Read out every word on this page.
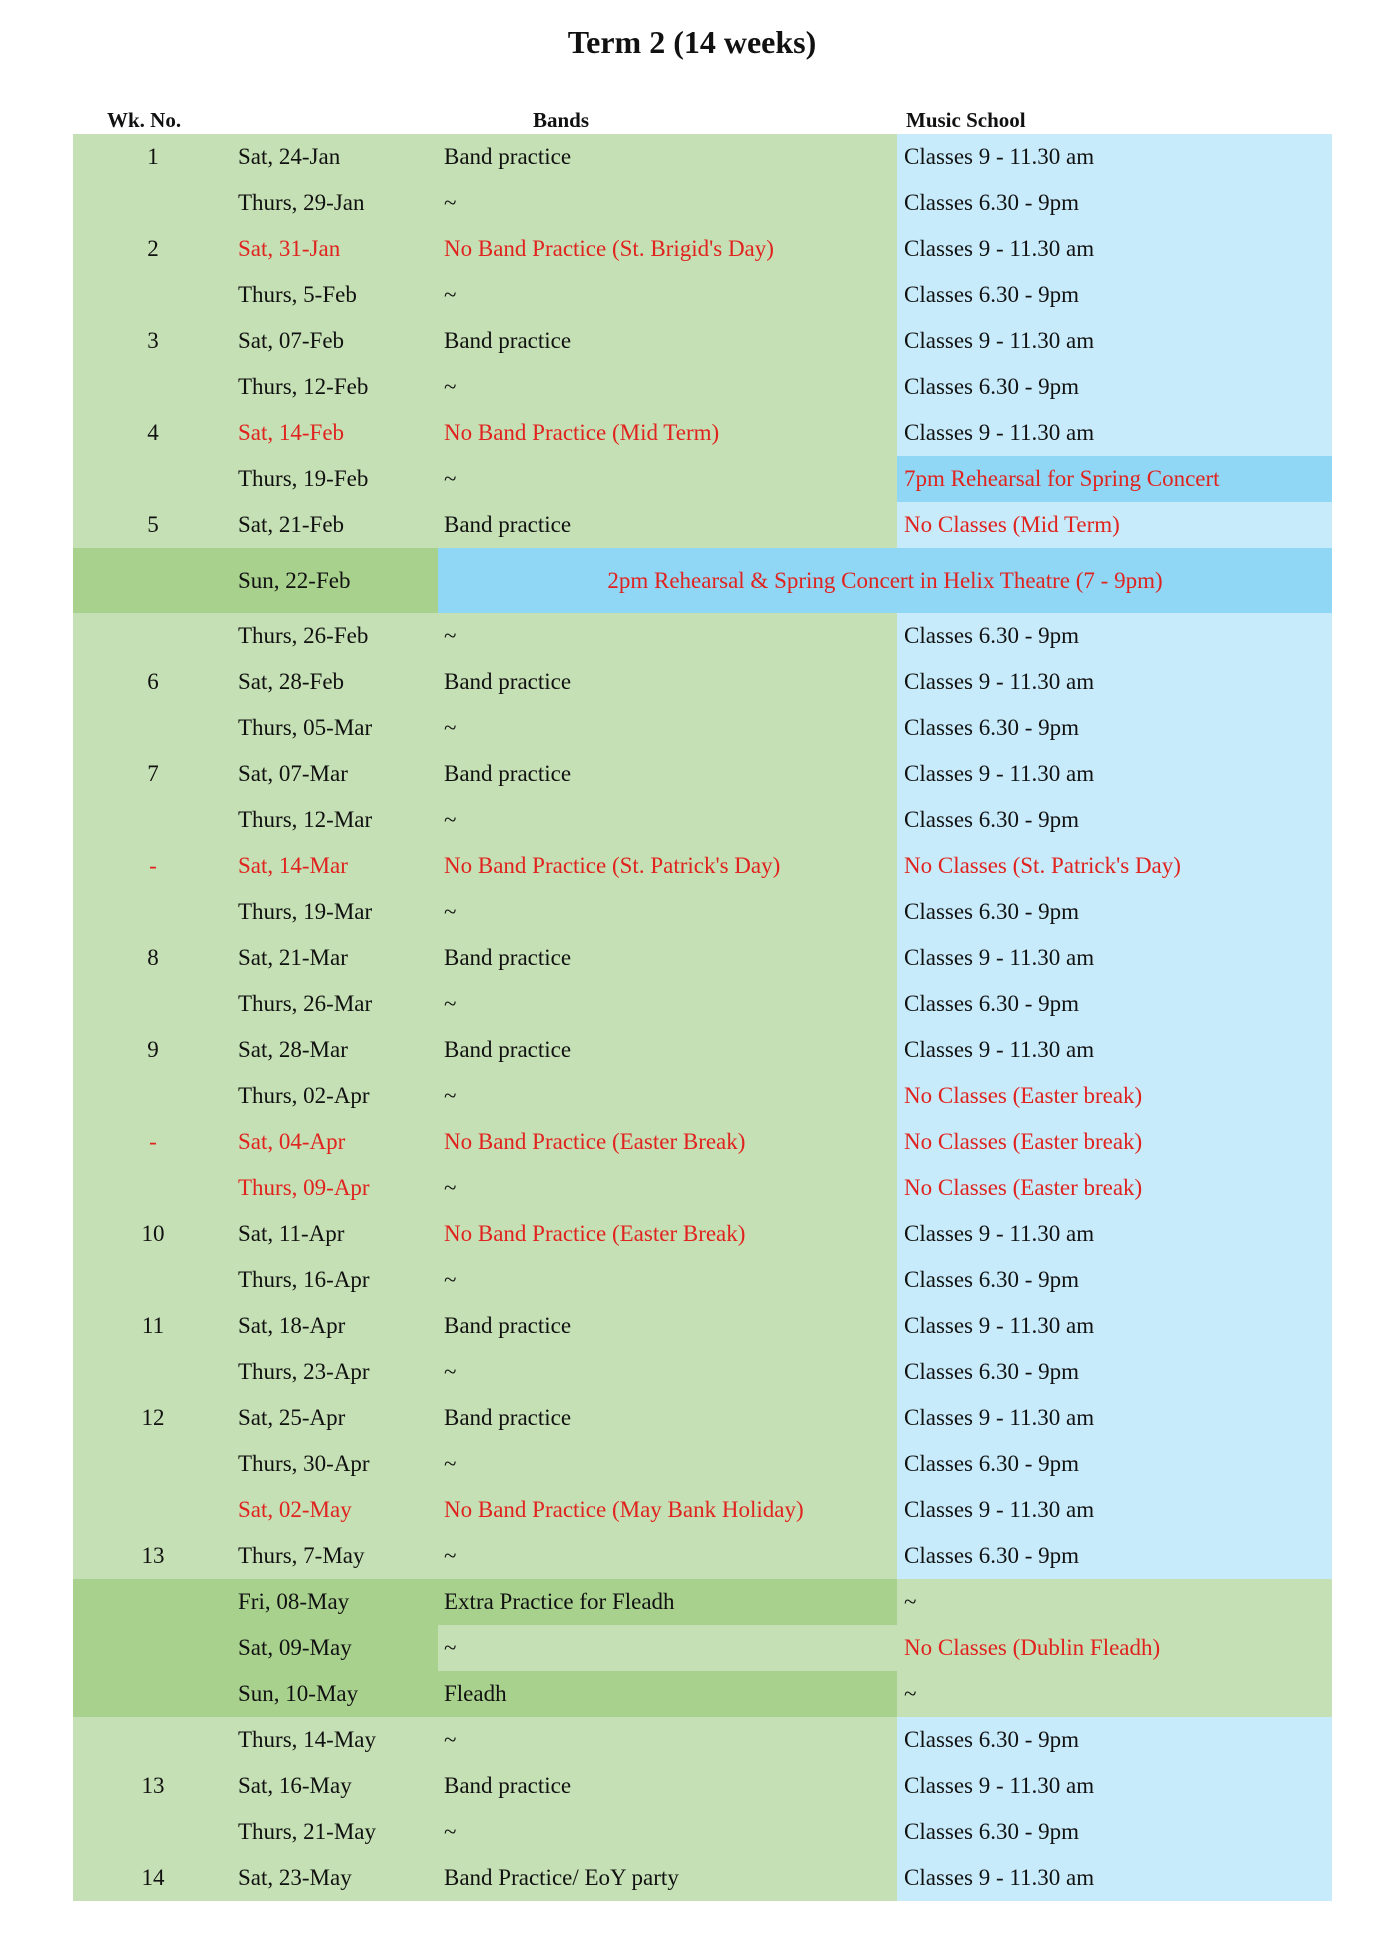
Term 2 (14 weeks)
Wk. No.	Bands	Music School
1	Sat, 24-Jan	Band practice	Classes 9 - 11.30 am
Thurs, 29-Jan	~	Classes 6.30 - 9pm
2	Sat, 31-Jan	No Band Practice (St. Brigid's Day)	Classes 9 - 11.30 am
Thurs, 5-Feb	~	Classes 6.30 - 9pm
3	Sat, 07-Feb	Band practice	Classes 9 - 11.30 am
Thurs, 12-Feb	~	Classes 6.30 - 9pm
4	Sat, 14-Feb	No Band Practice (Mid Term)	Classes 9 - 11.30 am
Thurs, 19-Feb	~	7pm Rehearsal for Spring Concert
5	Sat, 21-Feb	Band practice	No Classes (Mid Term)
Sun, 22-Feb	2pm Rehearsal & Spring Concert in Helix Theatre (7 - 9pm)
Thurs, 26-Feb	~	Classes 6.30 - 9pm
6	Sat, 28-Feb	Band practice	Classes 9 - 11.30 am
Thurs, 05-Mar	~	Classes 6.30 - 9pm
7	Sat, 07-Mar	Band practice	Classes 9 - 11.30 am
Thurs, 12-Mar	~	Classes 6.30 - 9pm
-	Sat, 14-Mar	No Band Practice (St. Patrick's Day)	No Classes (St. Patrick's Day)
Thurs, 19-Mar	~	Classes 6.30 - 9pm
8	Sat, 21-Mar	Band practice	Classes 9 - 11.30 am
Thurs, 26-Mar	~	Classes 6.30 - 9pm
9	Sat, 28-Mar	Band practice	Classes 9 - 11.30 am
Thurs, 02-Apr	~	No Classes (Easter break)
-	Sat, 04-Apr	No Band Practice (Easter Break)	No Classes (Easter break)
Thurs, 09-Apr	~	No Classes (Easter break)
10	Sat, 11-Apr	No Band Practice (Easter Break)	Classes 9 - 11.30 am
Thurs, 16-Apr	~	Classes 6.30 - 9pm
11	Sat, 18-Apr	Band practice	Classes 9 - 11.30 am
Thurs, 23-Apr	~	Classes 6.30 - 9pm
12	Sat, 25-Apr	Band practice	Classes 9 - 11.30 am
Thurs, 30-Apr	~	Classes 6.30 - 9pm
Sat, 02-May	No Band Practice (May Bank Holiday)	Classes 9 - 11.30 am
13	Thurs, 7-May	~	Classes 6.30 - 9pm
Fri, 08-May	Extra Practice for Fleadh	~
Sat, 09-May	~	No Classes (Dublin Fleadh)
Sun, 10-May	Fleadh	~
Thurs, 14-May	~	Classes 6.30 - 9pm
13	Sat, 16-May	Band practice	Classes 9 - 11.30 am
Thurs, 21-May	~	Classes 6.30 - 9pm
14	Sat, 23-May	Band Practice/ EoY party	Classes 9 - 11.30 am
